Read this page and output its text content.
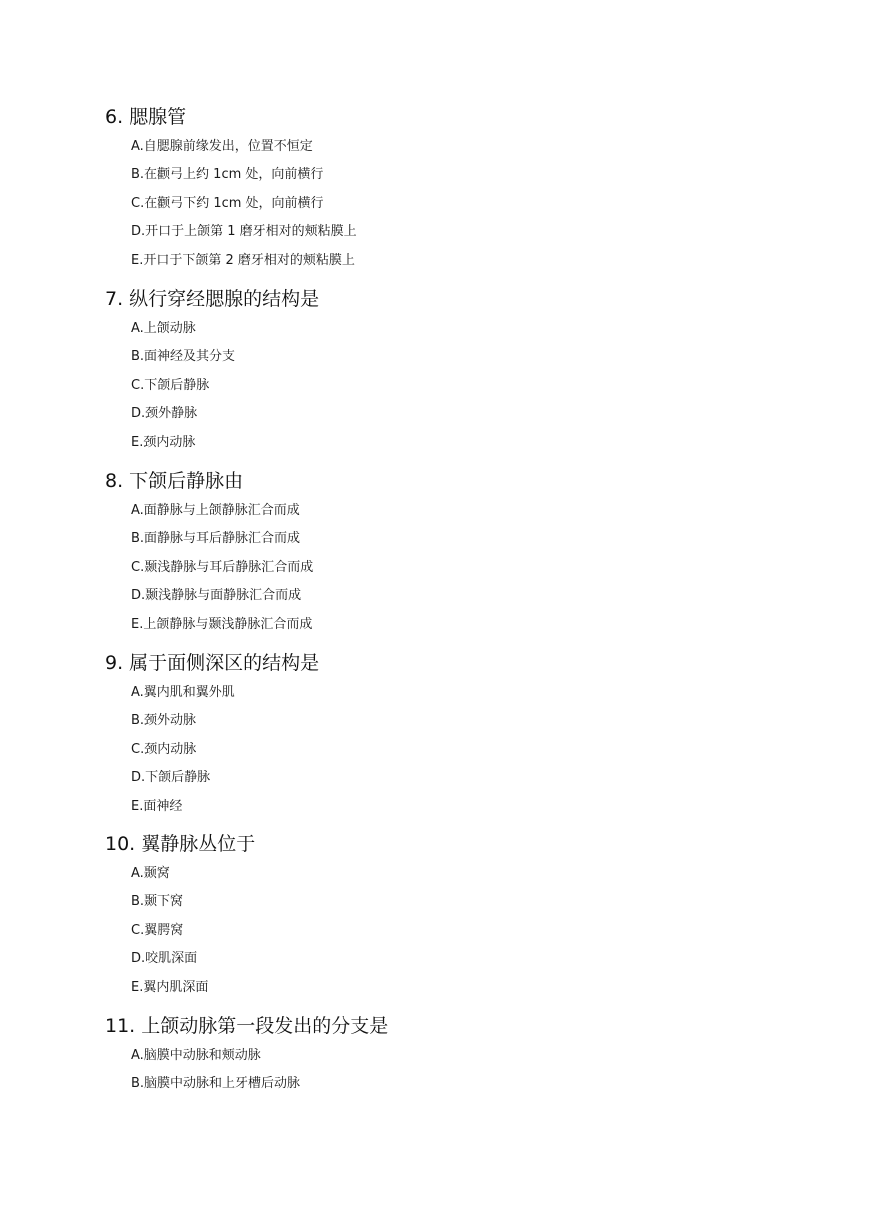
6. 腮腺管
A.自腮腺前缘发出，位置不恒定
B.在颧弓上约 1cm 处，向前横行
C.在颧弓下约 1cm 处，向前横行
D.开口于上颌第 1 磨牙相对的颊粘膜上
E.开口于下颌第 2 磨牙相对的颊粘膜上
7. 纵行穿经腮腺的结构是
A.上颌动脉
B.面神经及其分支
C.下颌后静脉
D.颈外静脉
E.颈内动脉
8. 下颌后静脉由
A.面静脉与上颌静脉汇合而成
B.面静脉与耳后静脉汇合而成
C.颞浅静脉与耳后静脉汇合而成
D.颞浅静脉与面静脉汇合而成
E.上颌静脉与颞浅静脉汇合而成
9. 属于面侧深区的结构是
A.翼内肌和翼外肌
B.颈外动脉
C.颈内动脉
D.下颌后静脉
E.面神经
10. 翼静脉丛位于
A.颞窝
B.颞下窝
C.翼腭窝
D.咬肌深面
E.翼内肌深面
11. 上颌动脉第一段发出的分支是
A.脑膜中动脉和颊动脉
B.脑膜中动脉和上牙槽后动脉
